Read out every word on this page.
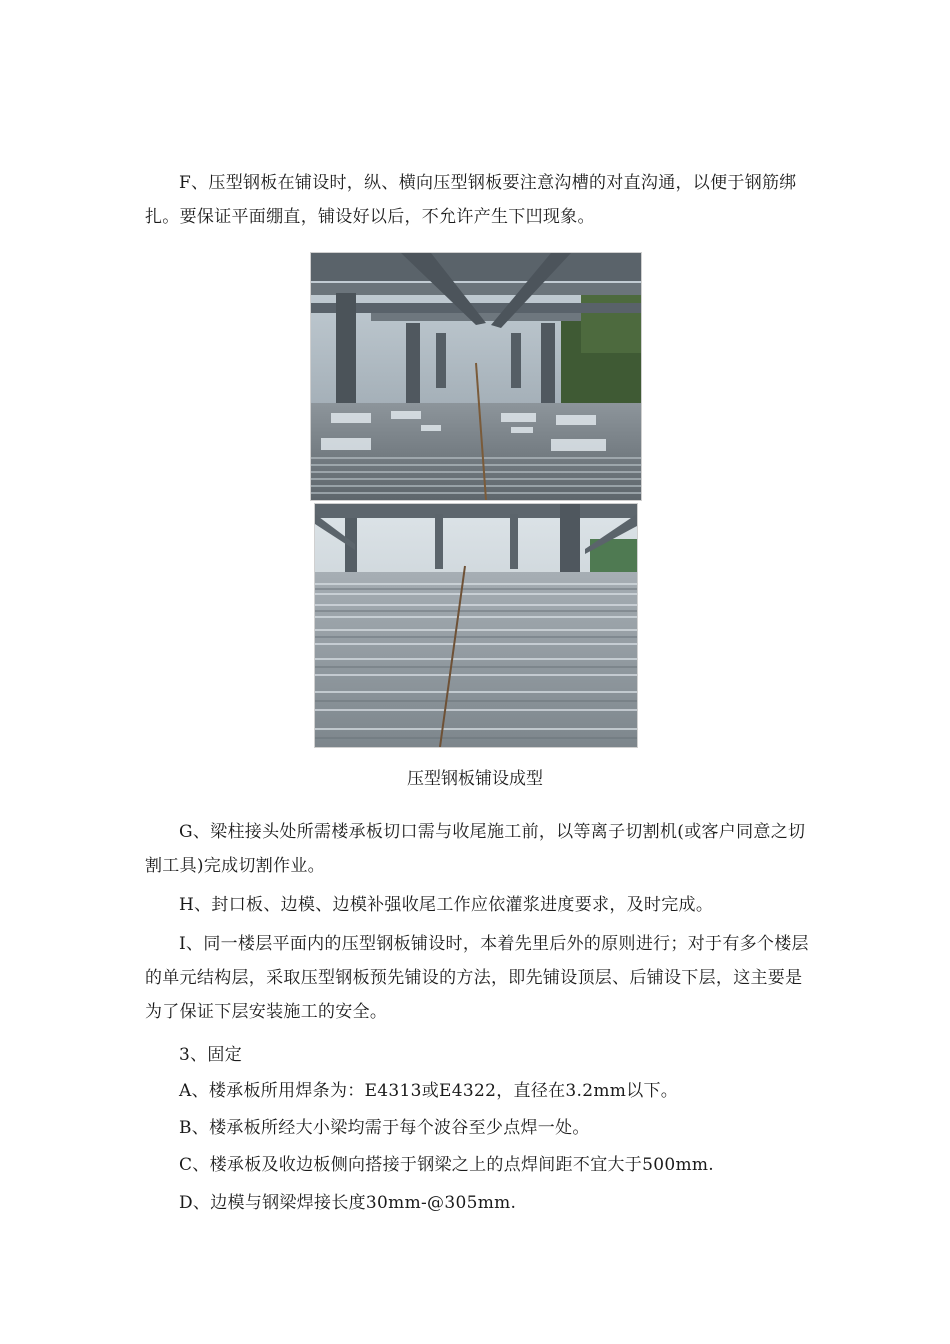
F、压型钢板在铺设时，纵、横向压型钢板要注意沟槽的对直沟通，以便于钢筋绑扎。要保证平面绷直，铺设好以后，不允许产生下凹现象。

压型钢板铺设成型

G、梁柱接头处所需楼承板切口需与收尾施工前，以等离子切割机(或客户同意之切割工具)完成切割作业。

H、封口板、边模、边模补强收尾工作应依灌浆进度要求，及时完成。

I、同一楼层平面内的压型钢板铺设时，本着先里后外的原则进行；对于有多个楼层的单元结构层，采取压型钢板预先铺设的方法，即先铺设顶层、后铺设下层，这主要是为了保证下层安装施工的安全。

3、固定

A、楼承板所用焊条为：E4313或E4322，直径在3.2mm以下。

B、楼承板所经大小梁均需于每个波谷至少点焊一处。

C、楼承板及收边板侧向搭接于钢梁之上的点焊间距不宜大于500mm.

D、边模与钢梁焊接长度30mm-@305mm.
